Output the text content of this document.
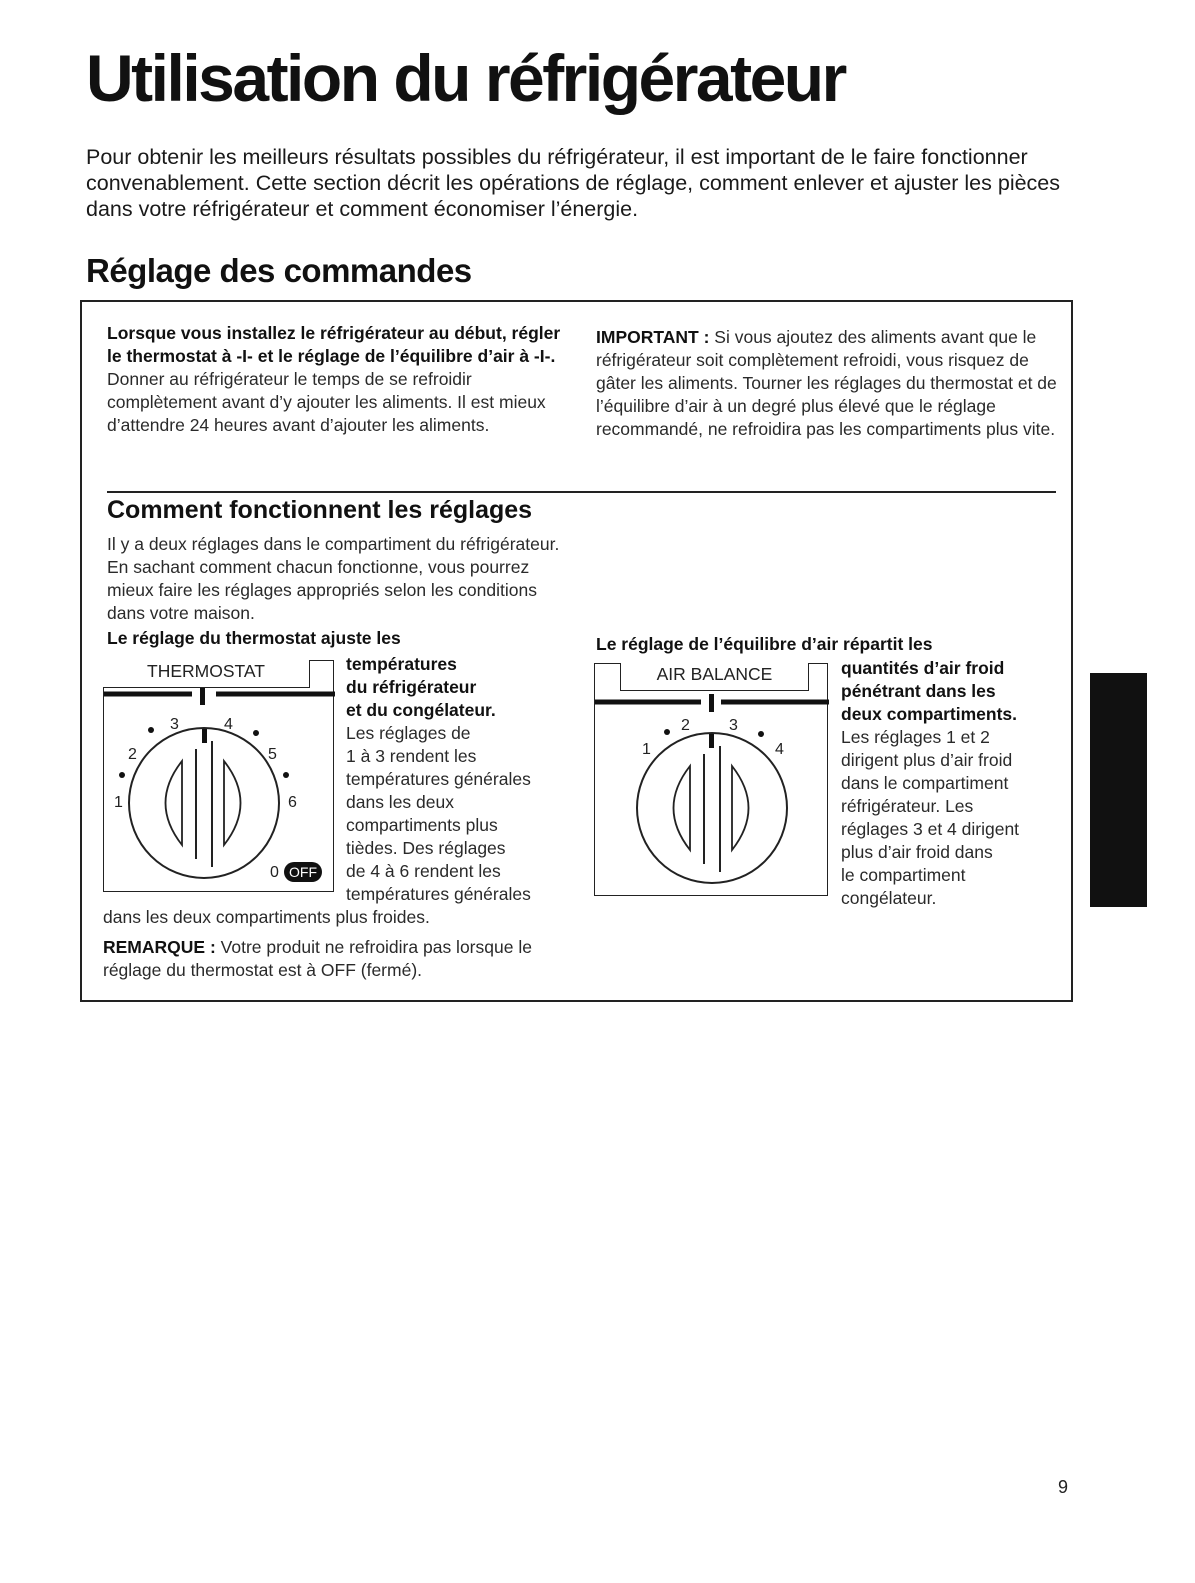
Utilisation du réfrigérateur

Pour obtenir les meilleurs résultats possibles du réfrigérateur, il est important de le faire fonctionner convenablement. Cette section décrit les opérations de réglage, comment enlever et ajuster les pièces dans votre réfrigérateur et comment économiser l’énergie.

Réglage des commandes

Lorsque vous installez le réfrigérateur au début, régler le thermostat à -I- et le réglage de l’équilibre d’air à -I-. Donner au réfrigérateur le temps de se refroidir complètement avant d’y ajouter les aliments. Il est mieux d’attendre 24 heures avant d’ajouter les aliments.

IMPORTANT : Si vous ajoutez des aliments avant que le réfrigérateur soit complètement refroidi, vous risquez de gâter les aliments. Tourner les réglages du thermostat et de l’équilibre d’air à un degré plus élevé que le réglage recommandé, ne refroidira pas les compartiments plus vite.

Comment fonctionnent les réglages

Il y a deux réglages dans le compartiment du réfrigérateur. En sachant comment chacun fonctionne, vous pourrez mieux faire les réglages appropriés selon les conditions dans votre maison.

Le réglage du thermostat ajuste les

1
2
3	4
5
6
0 OFF
THERMOSTAT	températures
du réfrigérateur
et du congélateur.
Les réglages de
1 à 3 rendent les
températures générales
dans les deux
compartiments plus
tièdes. Des réglages
de 4 à 6 rendent les
températures générales

dans les deux compartiments plus froides.

REMARQUE : Votre produit ne refroidira pas lorsque le réglage du thermostat est à OFF (fermé).

Le réglage de l’équilibre d’air répartit les

1
2 3
4
AIR BALANCE	quantités d’air froid
pénétrant dans les
deux compartiments.
Les réglages 1 et 2
dirigent plus d’air froid
dans le compartiment
réfrigérateur. Les
réglages 3 et 4 dirigent
plus d’air froid dans
le compartiment
congélateur.

9
